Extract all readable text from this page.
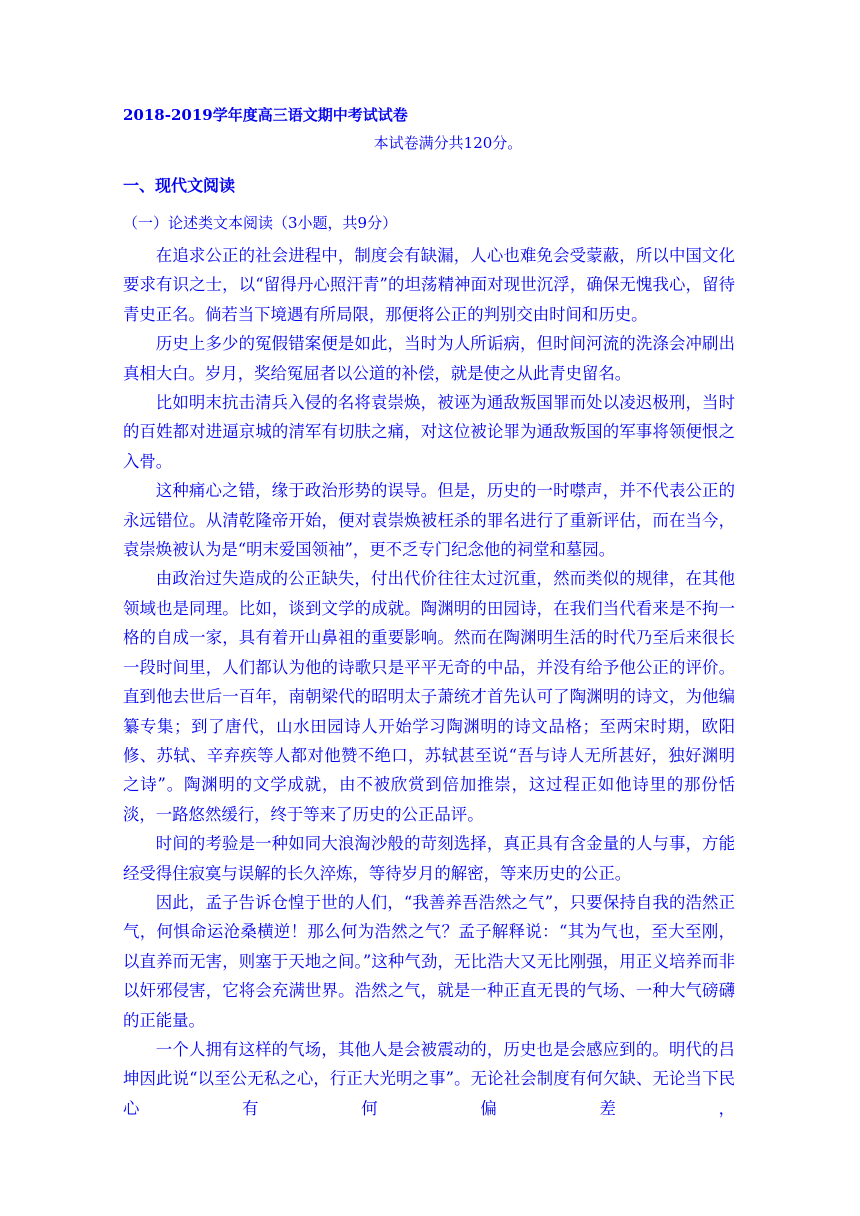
2018-2019学年度高三语文期中考试试卷
本试卷满分共120分。
一、现代文阅读
（一）论述类文本阅读（3小题，共9分）

在追求公正的社会进程中，制度会有缺漏，人心也难免会受蒙蔽，所以中国文化要求有识之士，以“留得丹心照汗青”的坦荡精神面对现世沉浮，确保无愧我心，留待青史正名。倘若当下境遇有所局限，那便将公正的判别交由时间和历史。

历史上多少的冤假错案便是如此，当时为人所诟病，但时间河流的洗涤会冲刷出真相大白。岁月，奖给冤屈者以公道的补偿，就是使之从此青史留名。

比如明末抗击清兵入侵的名将袁崇焕，被诬为通敌叛国罪而处以凌迟极刑，当时的百姓都对进逼京城的清军有切肤之痛，对这位被论罪为通敌叛国的军事将领便恨之入骨。

这种痛心之错，缘于政治形势的误导。但是，历史的一时噤声，并不代表公正的永远错位。从清乾隆帝开始，便对袁崇焕被枉杀的罪名进行了重新评估，而在当今，袁崇焕被认为是“明末爱国领袖”，更不乏专门纪念他的祠堂和墓园。

由政治过失造成的公正缺失，付出代价往往太过沉重，然而类似的规律，在其他领域也是同理。比如，谈到文学的成就。陶渊明的田园诗，在我们当代看来是不拘一格的自成一家，具有着开山鼻祖的重要影响。然而在陶渊明生活的时代乃至后来很长一段时间里，人们都认为他的诗歌只是平平无奇的中品，并没有给予他公正的评价。直到他去世后一百年，南朝梁代的昭明太子萧统才首先认可了陶渊明的诗文，为他编纂专集；到了唐代，山水田园诗人开始学习陶渊明的诗文品格；至两宋时期，欧阳修、苏轼、辛弃疾等人都对他赞不绝口，苏轼甚至说“吾与诗人无所甚好，独好渊明之诗”。陶渊明的文学成就，由不被欣赏到倍加推崇，这过程正如他诗里的那份恬淡，一路悠然缓行，终于等来了历史的公正品评。

时间的考验是一种如同大浪淘沙般的苛刻选择，真正具有含金量的人与事，方能经受得住寂寞与误解的长久淬炼，等待岁月的解密，等来历史的公正。

因此，孟子告诉仓惶于世的人们，“我善养吾浩然之气”，只要保持自我的浩然正气，何惧命运沧桑横逆！那么何为浩然之气？孟子解释说：“其为气也，至大至刚，以直养而无害，则塞于天地之间。”这种气劲，无比浩大又无比刚强，用正义培养而非以奸邪侵害，它将会充满世界。浩然之气，就是一种正直无畏的气场、一种大气磅礴的正能量。

一个人拥有这样的气场，其他人是会被震动的，历史也是会感应到的。明代的吕坤因此说“以至公无私之心，行正大光明之事”。无论社会制度有何欠缺、无论当下民心有何偏差，
